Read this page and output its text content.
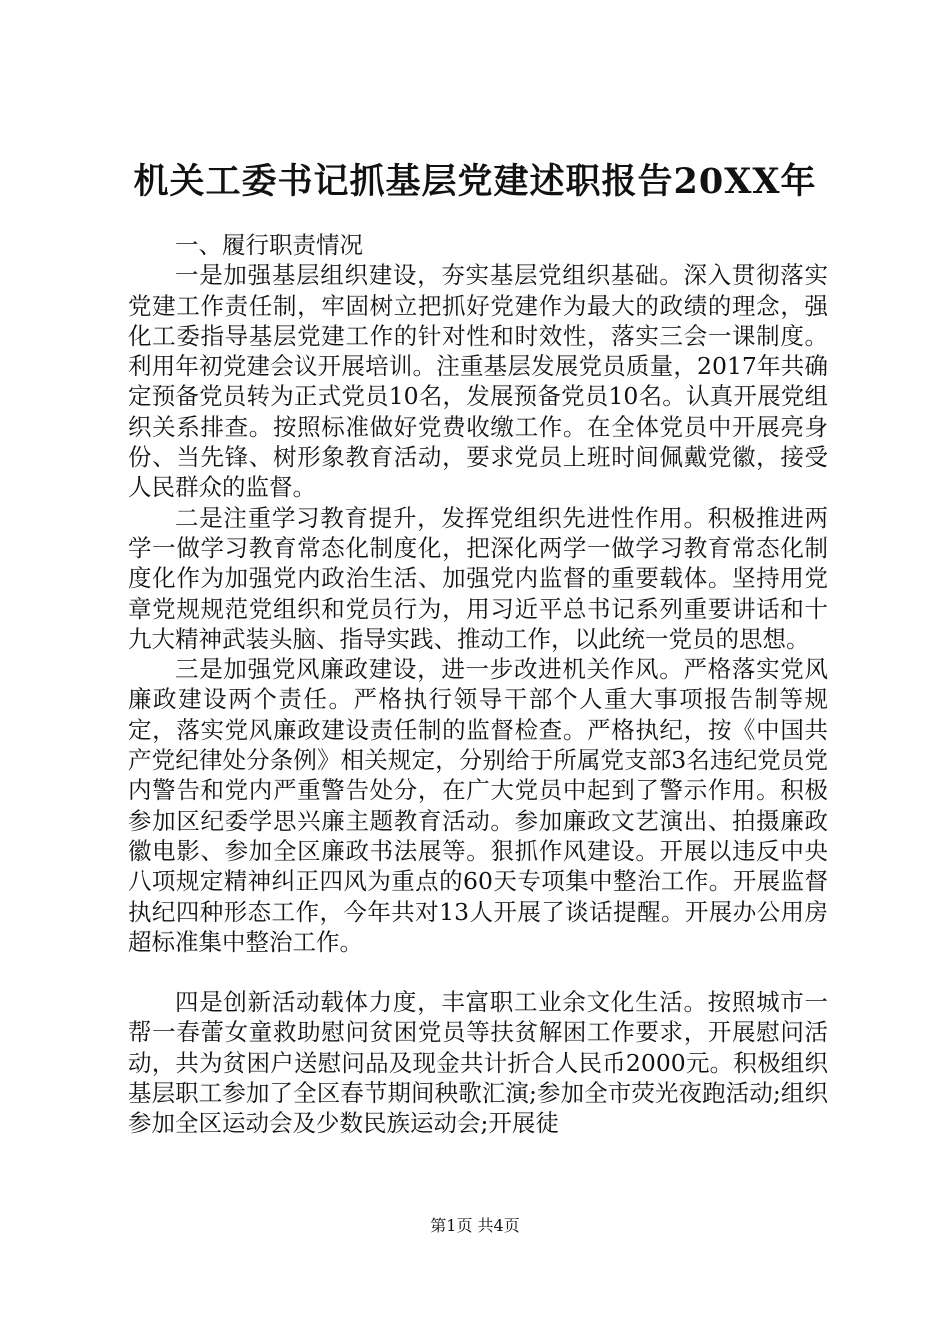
机关工委书记抓基层党建述职报告20XX年

一、履行职责情况

一是加强基层组织建设，夯实基层党组织基础。深入贯彻落实党建工作责任制，牢固树立把抓好党建作为最大的政绩的理念，强化工委指导基层党建工作的针对性和时效性，落实三会一课制度。利用年初党建会议开展培训。注重基层发展党员质量，2017年共确定预备党员转为正式党员10名，发展预备党员10名。认真开展党组织关系排查。按照标准做好党费收缴工作。在全体党员中开展亮身份、当先锋、树形象教育活动，要求党员上班时间佩戴党徽，接受人民群众的监督。

二是注重学习教育提升，发挥党组织先进性作用。积极推进两学一做学习教育常态化制度化，把深化两学一做学习教育常态化制度化作为加强党内政治生活、加强党内监督的重要载体。坚持用党章党规规范党组织和党员行为，用习近平总书记系列重要讲话和十九大精神武装头脑、指导实践、推动工作，以此统一党员的思想。

三是加强党风廉政建设，进一步改进机关作风。严格落实党风廉政建设两个责任。严格执行领导干部个人重大事项报告制等规定，落实党风廉政建设责任制的监督检查。严格执纪，按《中国共产党纪律处分条例》相关规定，分别给于所属党支部3名违纪党员党内警告和党内严重警告处分，在广大党员中起到了警示作用。积极参加区纪委学思兴廉主题教育活动。参加廉政文艺演出、拍摄廉政徽电影、参加全区廉政书法展等。狠抓作风建设。开展以违反中央八项规定精神纠正四风为重点的60天专项集中整治工作。开展监督执纪四种形态工作，今年共对13人开展了谈话提醒。开展办公用房超标准集中整治工作。

四是创新活动载体力度，丰富职工业余文化生活。按照城市一帮一春蕾女童救助慰问贫困党员等扶贫解困工作要求，开展慰问活动，共为贫困户送慰问品及现金共计折合人民币2000元。积极组织基层职工参加了全区春节期间秧歌汇演;参加全市荧光夜跑活动;组织参加全区运动会及少数民族运动会;开展徒

第1页 共4页
